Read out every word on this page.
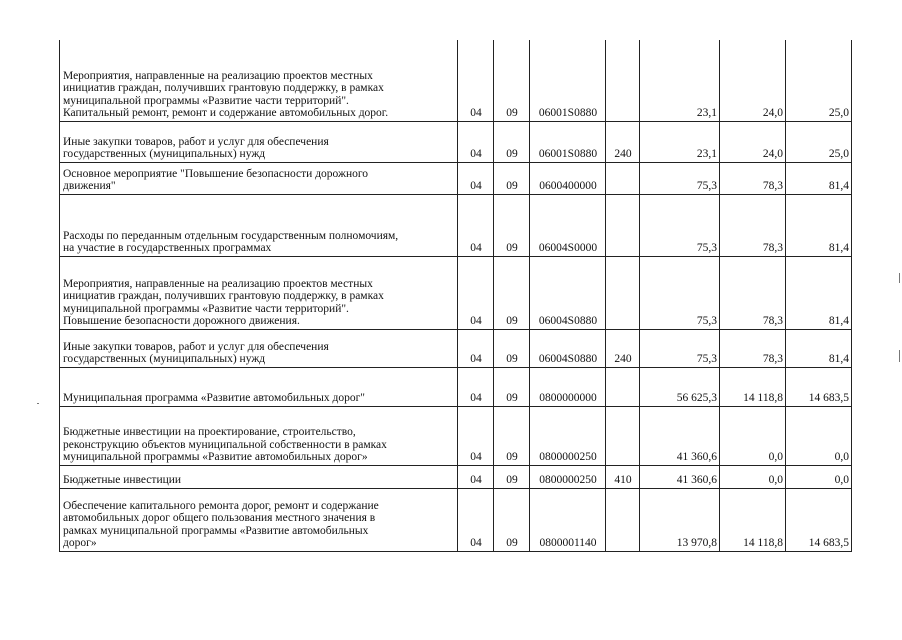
Мероприятия, направленные на реализацию проектов местных
инициатив граждан, получивших грантовую поддержку, в рамках
муниципальной программы «Развитие части территорий".
Капитальный ремонт, ремонт и содержание автомобильных дорог.	04	09	06001S0880		23,1	24,0	25,0

Иные закупки товаров, работ и услуг для обеспечения
государственных (муниципальных) нужд	04	09	06001S0880	240	23,1	24,0	25,0

Основное мероприятие "Повышение безопасности дорожного
движения"	04	09	0600400000		75,3	78,3	81,4

Расходы по переданным отдельным государственным полномочиям,
на участие в государственных программах	04	09	06004S0000		75,3	78,3	81,4

Мероприятия, направленные на реализацию проектов местных
инициатив граждан, получивших грантовую поддержку, в рамках
муниципальной программы «Развитие части территорий".
Повышение безопасности дорожного движения.	04	09	06004S0880		75,3	78,3	81,4

Иные закупки товаров, работ и услуг для обеспечения
государственных (муниципальных) нужд	04	09	06004S0880	240	75,3	78,3	81,4

Муниципальная программа «Развитие автомобильных дорог"	04	09	0800000000		56 625,3	14 118,8	14 683,5

Бюджетные инвестиции на проектирование, строительство,
реконструкцию объектов муниципальной собственности в рамках
муниципальной программы «Развитие автомобильных дорог»	04	09	0800000250		41 360,6	0,0	0,0

Бюджетные инвестиции	04	09	0800000250	410	41 360,6	0,0	0,0

Обеспечение капитального ремонта дорог, ремонт и содержание
автомобильных дорог общего пользования местного значения в
рамках муниципальной программы «Развитие автомобильных
дорог»	04	09	0800001140		13 970,8	14 118,8	14 683,5
